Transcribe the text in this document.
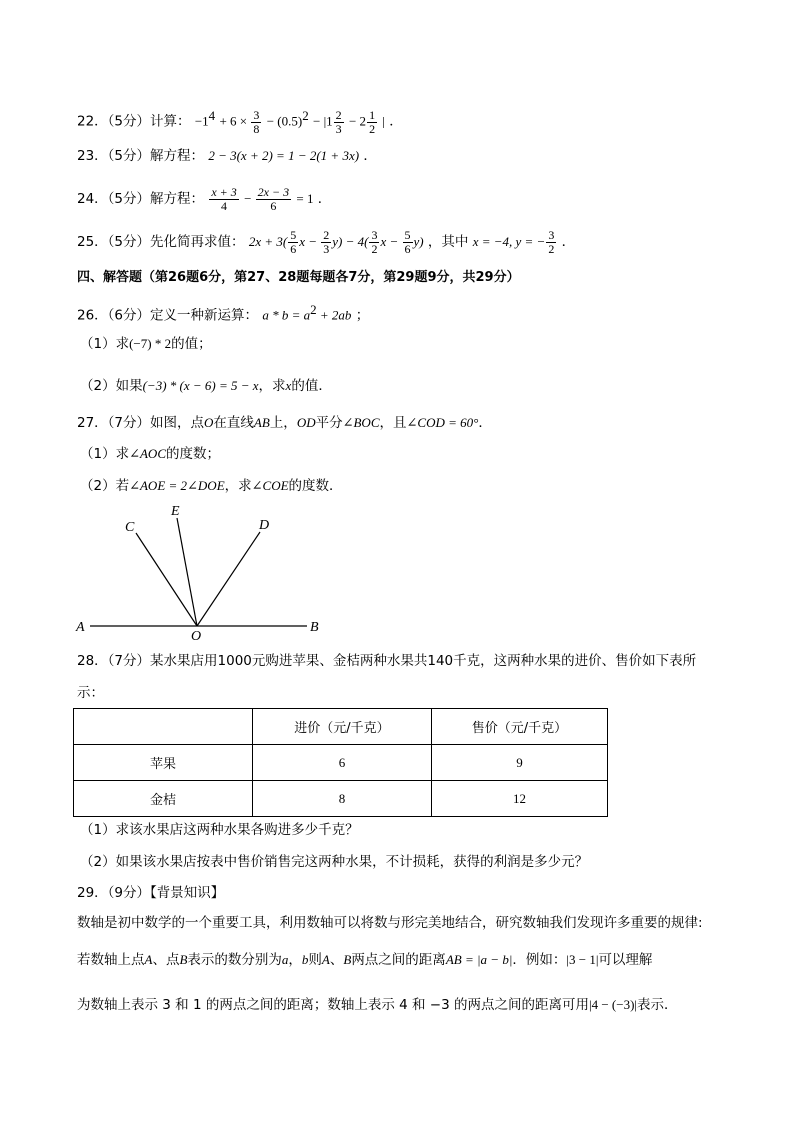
22．（5分）计算： $-1^4 + 6 \times \frac{3}{8} - (0.5)^2 - |1 \frac{2}{3} - 2 \frac{1}{2}$ | ．
23．（5分）解方程： 2 − 3(x + 2) = 1 − 2(1 + 3x) ．
24．（5分）解方程： $\frac{x + 3}{4} - \frac{2x - 3}{6} = 1$ ．
25．（5分）先化简再求值： $2x + 3( \frac{5}{6}$ $x - \frac{2}{3} y) - 4( \frac{3}{2}$ $x - \frac{5}{6} y$) ，其中 x = −4, y = − $\frac{3}{2}$ ．
四、解答题（第26题6分，第27、28题每题各7分，第29题9分，共29分）
26．（6分）定义一种新运算： $a * b = a^2 + 2ab$ ；
（1）求(−7) * 2的值；
（2）如果(−3) * (x − 6) = 5 − x，求x的值．
27．（7分）如图，点O在直线AB上，OD平分∠BOC，且∠COD = 60°．
（1）求∠AOC的度数；
（2）若∠AOE = 2∠DOE，求∠COE的度数．
A	B
O
C
E
D
28．（7分）某水果店用1000元购进苹果、金桔两种水果共140千克，这两种水果的进价、售价如下表所
示：
	进价（元/千克）	售价（元/千克）
苹果	6	9
金桔	8	12
（1）求该水果店这两种水果各购进多少千克？
（2）如果该水果店按表中售价销售完这两种水果，不计损耗，获得的利润是多少元？
29．（9分）【背景知识】
数轴是初中数学的一个重要工具，利用数轴可以将数与形完美地结合，研究数轴我们发现许多重要的规律:
若数轴上点A、点B表示的数分别为a，b则A、B两点之间的距离AB = |a − b|．例如：|3 − 1|可以理解
为数轴上表示 3 和 1 的两点之间的距离；数轴上表示 4 和 −3 的两点之间的距离可用|4 − (−3)|表示．
